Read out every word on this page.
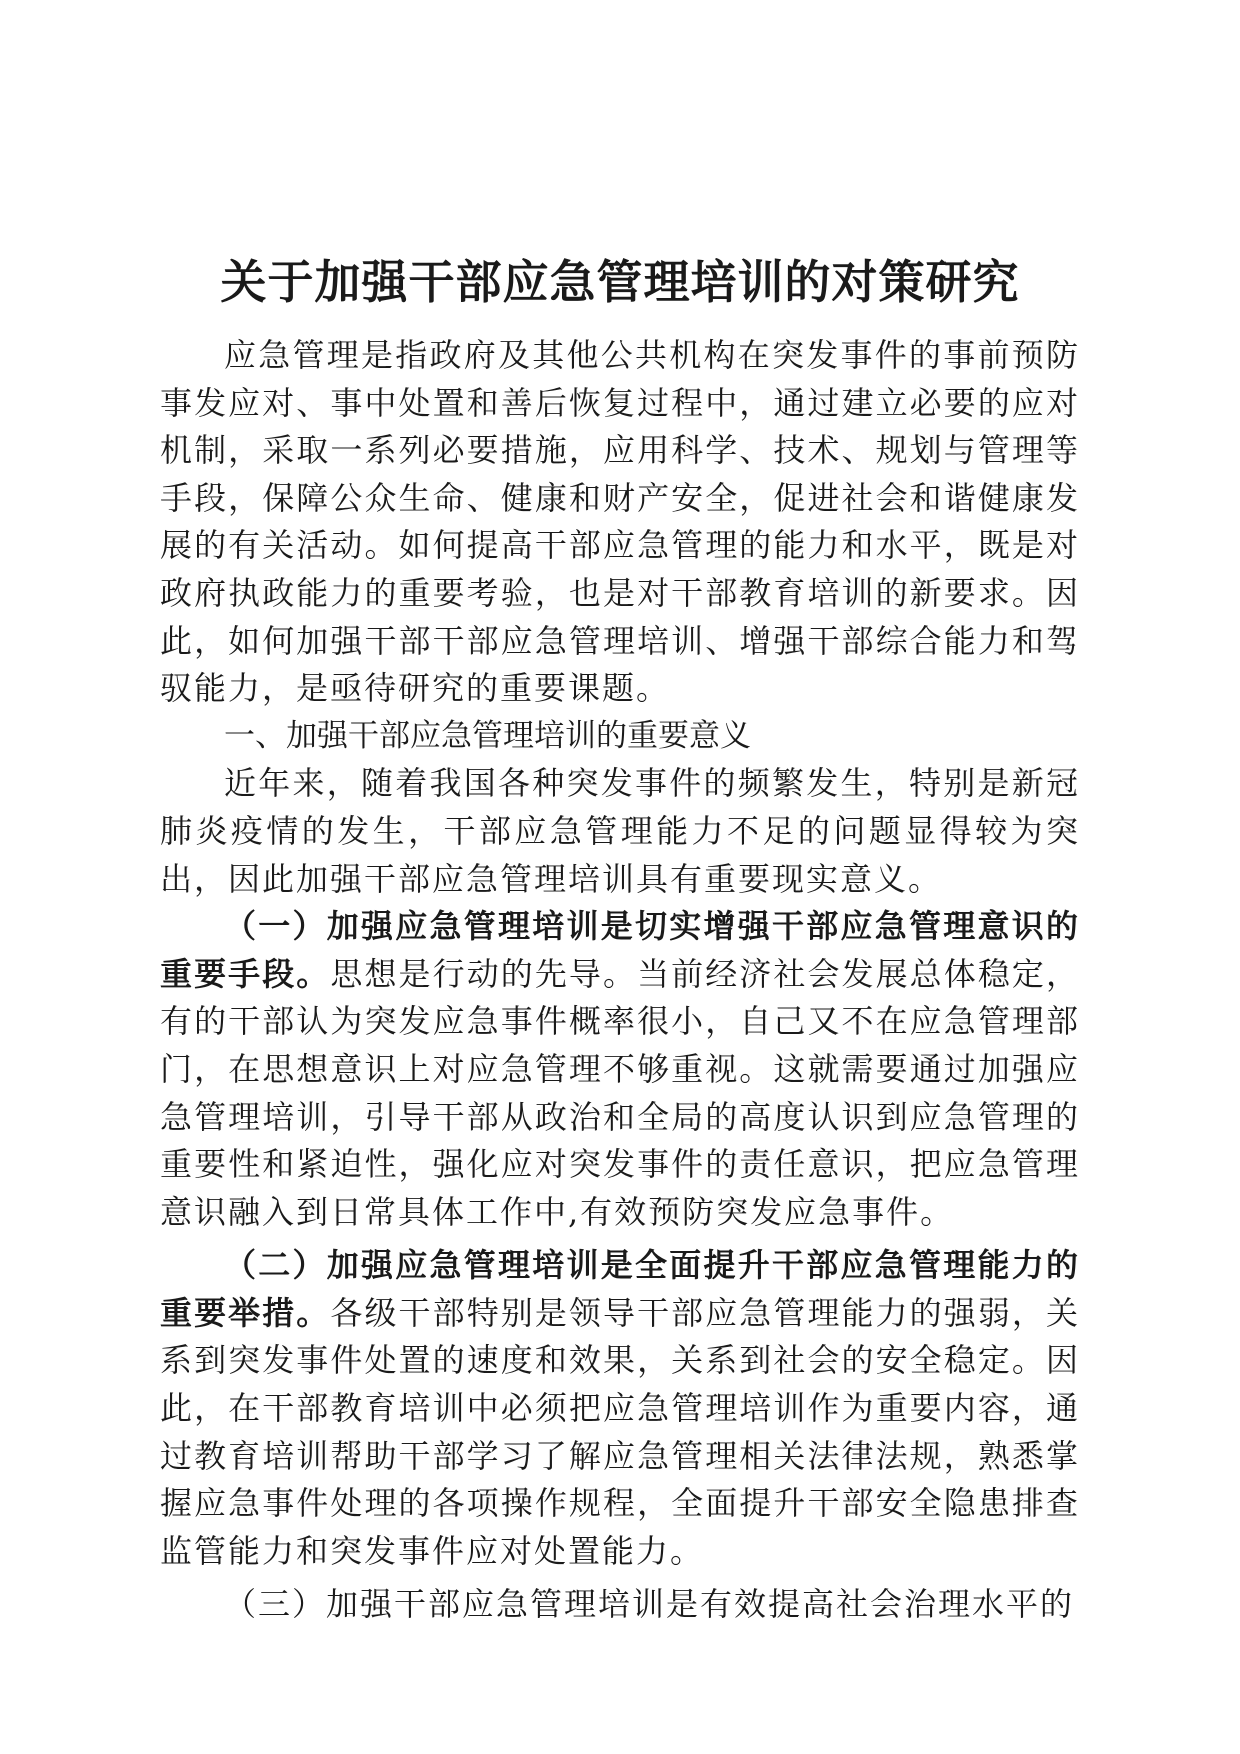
关于加强干部应急管理培训的对策研究

应急管理是指政府及其他公共机构在突发事件的事前预防事发应对、事中处置和善后恢复过程中，通过建立必要的应对机制，采取一系列必要措施，应用科学、技术、规划与管理等手段，保障公众生命、健康和财产安全，促进社会和谐健康发展的有关活动。如何提高干部应急管理的能力和水平，既是对政府执政能力的重要考验，也是对干部教育培训的新要求。因此，如何加强干部干部应急管理培训、增强干部综合能力和驾驭能力，是亟待研究的重要课题。

一、加强干部应急管理培训的重要意义

近年来，随着我国各种突发事件的频繁发生，特别是新冠肺炎疫情的发生，干部应急管理能力不足的问题显得较为突出，因此加强干部应急管理培训具有重要现实意义。

（一）加强应急管理培训是切实增强干部应急管理意识的重要手段。思想是行动的先导。当前经济社会发展总体稳定，有的干部认为突发应急事件概率很小，自己又不在应急管理部门，在思想意识上对应急管理不够重视。这就需要通过加强应急管理培训，引导干部从政治和全局的高度认识到应急管理的重要性和紧迫性，强化应对突发事件的责任意识，把应急管理意识融入到日常具体工作中,有效预防突发应急事件。

（二）加强应急管理培训是全面提升干部应急管理能力的重要举措。各级干部特别是领导干部应急管理能力的强弱，关系到突发事件处置的速度和效果，关系到社会的安全稳定。因此，在干部教育培训中必须把应急管理培训作为重要内容，通过教育培训帮助干部学习了解应急管理相关法律法规，熟悉掌握应急事件处理的各项操作规程，全面提升干部安全隐患排查监管能力和突发事件应对处置能力。

（三）加强干部应急管理培训是有效提高社会治理水平的
